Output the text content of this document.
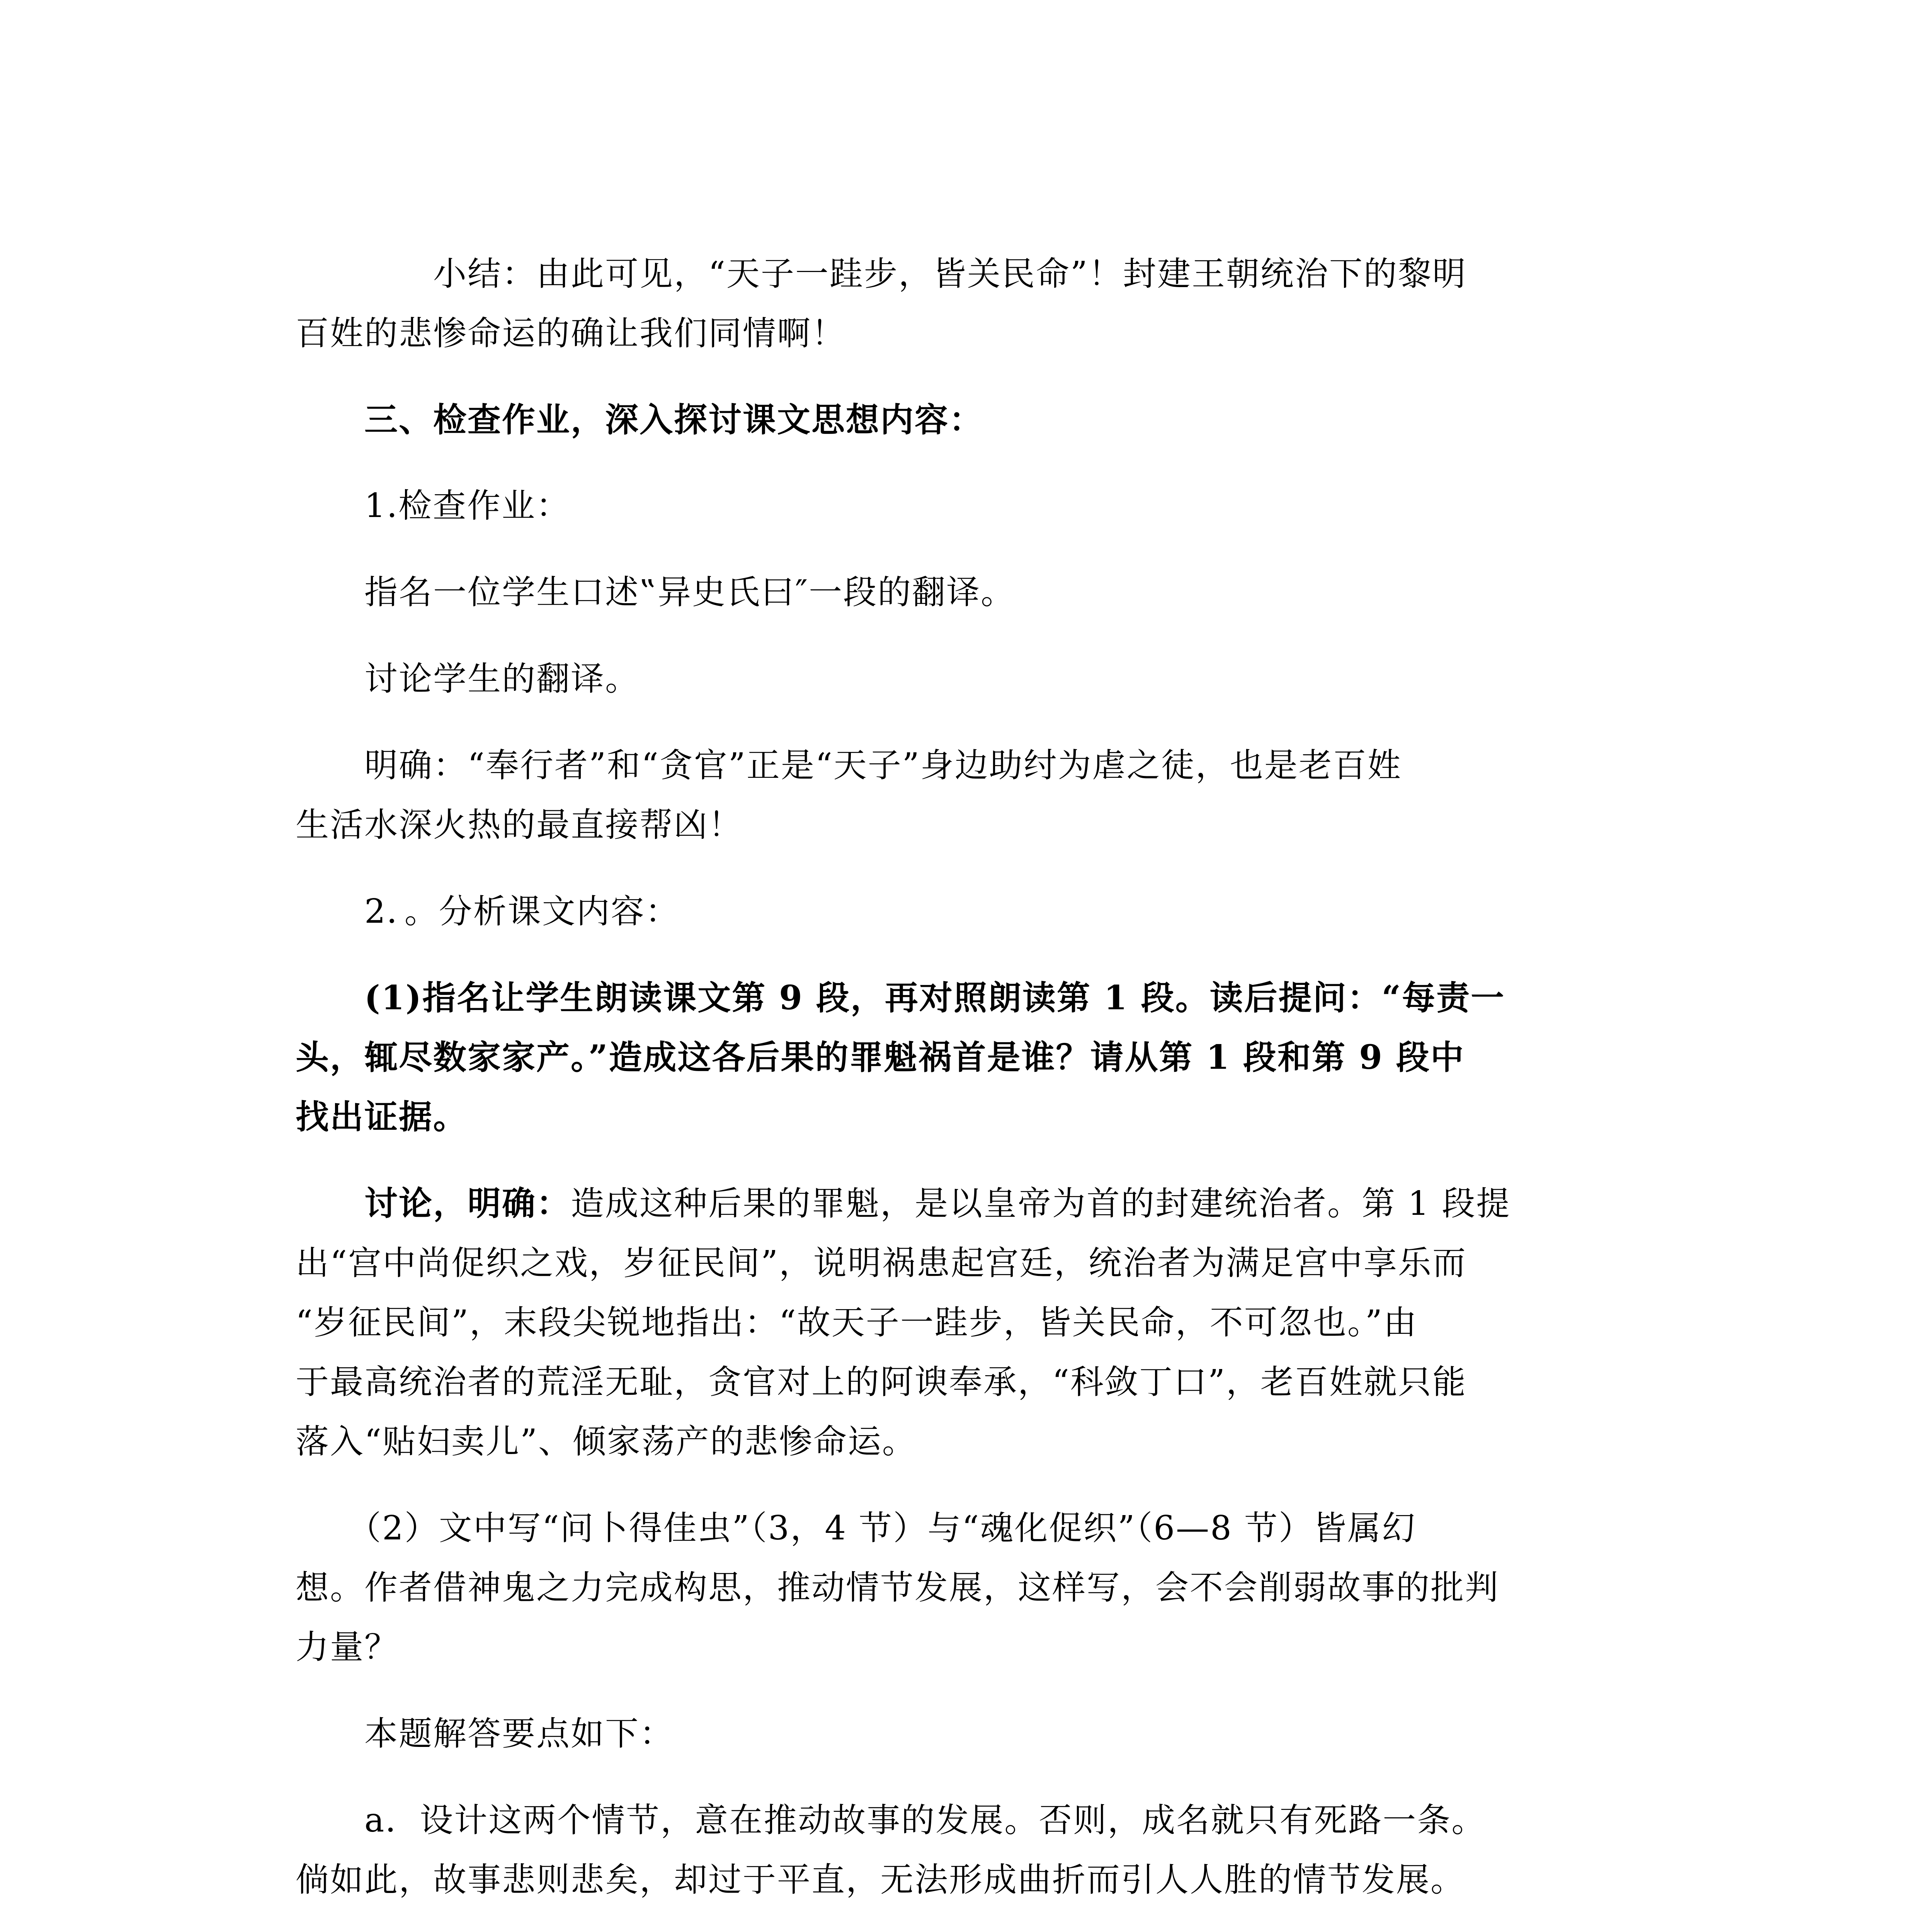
　　　　小结：由此可见，“天子一跬步，皆关民命”！封建王朝统治下的黎明
百姓的悲惨命运的确让我们同情啊！
　　三、检查作业，深入探讨课文思想内容：
　　1.检查作业：
　　指名一位学生口述‟异史氏曰″一段的翻译。
　　讨论学生的翻译。
　　明确：“奉行者”和“贪官”正是“天子”身边助纣为虐之徒，也是老百姓
生活水深火热的最直接帮凶！
　　2．。分析课文内容：
　　(1)指名让学生朗读课文第 9 段，再对照朗读第 1 段。读后提问：“每责一
头，辄尽数家家产。”造成这各后果的罪魁祸首是谁？请从第 1 段和第 9 段中
找出证据。
　　讨论，明确：造成这种后果的罪魁，是以皇帝为首的封建统治者。第 1 段提
出“宫中尚促织之戏，岁征民间”，说明祸患起宫廷，统治者为满足宫中享乐而
“岁征民间”，末段尖锐地指出：“故天子一跬步，皆关民命，不可忽也。”由
于最高统治者的荒淫无耻，贪官对上的阿谀奉承，“科敛丁口”，老百姓就只能
落入“贴妇卖儿”、倾家荡产的悲惨命运。
　　（2）文中写“问卜得佳虫”（3，4 节）与“魂化促织”（6—8 节）皆属幻
想。作者借神鬼之力完成构思，推动情节发展，这样写，会不会削弱故事的批判
力量？
　　本题解答要点如下：
　　a．设计这两个情节，意在推动故事的发展。否则，成名就只有死路一条。
倘如此，故事悲则悲矣，却过于平直，无法形成曲折而引人人胜的情节发展。
